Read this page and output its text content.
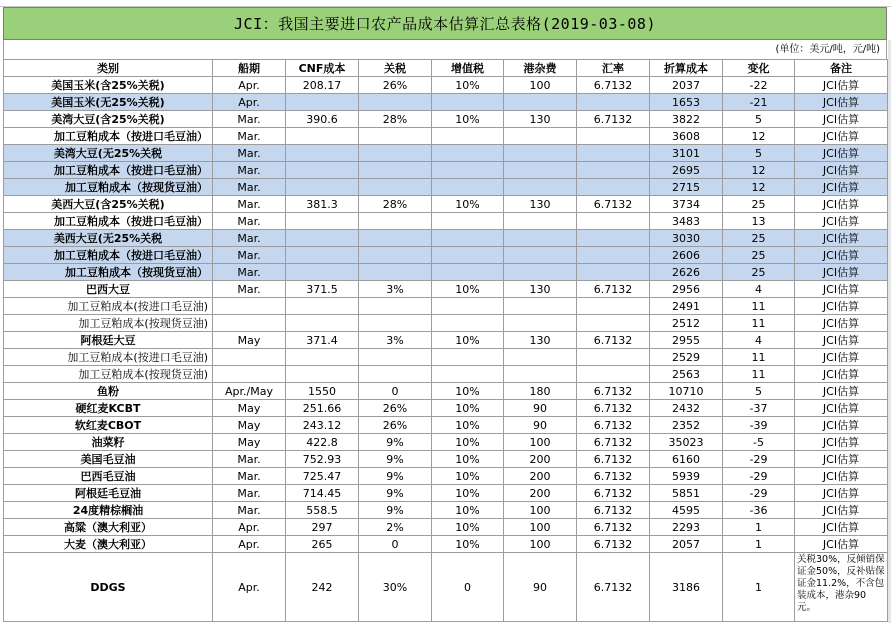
JCI：我国主要进口农产品成本估算汇总表格(2019-03-08)
(单位：美元/吨，元/吨)
类别	船期	CNF成本	关税	增值税	港杂费	汇率	折算成本	变化	备注
美国玉米(含25%关税)	Apr.	208.17	26%	10%	100	6.7132	2037	-22	JCI估算
美国玉米(无25%关税)	Apr.						1653	-21	JCI估算
美湾大豆(含25%关税)	Mar.	390.6	28%	10%	130	6.7132	3822	5	JCI估算
加工豆粕成本（按进口毛豆油）	Mar.						3608	12	JCI估算
美湾大豆(无25%关税	Mar.						3101	5	JCI估算
加工豆粕成本（按进口毛豆油）	Mar.						2695	12	JCI估算
加工豆粕成本（按现货豆油）	Mar.						2715	12	JCI估算
美西大豆(含25%关税)	Mar.	381.3	28%	10%	130	6.7132	3734	25	JCI估算
加工豆粕成本（按进口毛豆油）	Mar.						3483	13	JCI估算
美西大豆(无25%关税	Mar.						3030	25	JCI估算
加工豆粕成本（按进口毛豆油）	Mar.						2606	25	JCI估算
加工豆粕成本（按现货豆油）	Mar.						2626	25	JCI估算
巴西大豆	Mar.	371.5	3%	10%	130	6.7132	2956	4	JCI估算
加工豆粕成本(按进口毛豆油)							2491	11	JCI估算
加工豆粕成本(按现货豆油)							2512	11	JCI估算
阿根廷大豆	May	371.4	3%	10%	130	6.7132	2955	4	JCI估算
加工豆粕成本(按进口毛豆油)							2529	11	JCI估算
加工豆粕成本(按现货豆油)							2563	11	JCI估算
鱼粉	Apr./May	1550	0	10%	180	6.7132	10710	5	JCI估算
硬红麦KCBT	May	251.66	26%	10%	90	6.7132	2432	-37	JCI估算
软红麦CBOT	May	243.12	26%	10%	90	6.7132	2352	-39	JCI估算
油菜籽	May	422.8	9%	10%	100	6.7132	35023	-5	JCI估算
美国毛豆油	Mar.	752.93	9%	10%	200	6.7132	6160	-29	JCI估算
巴西毛豆油	Mar.	725.47	9%	10%	200	6.7132	5939	-29	JCI估算
阿根廷毛豆油	Mar.	714.45	9%	10%	200	6.7132	5851	-29	JCI估算
24度精棕榈油	Mar.	558.5	9%	10%	100	6.7132	4595	-36	JCI估算
高粱（澳大利亚）	Apr.	297	2%	10%	100	6.7132	2293	1	JCI估算
大麦（澳大利亚）	Apr.	265	0	10%	100	6.7132	2057	1	JCI估算
DDGS	Apr.	242	30%	0	90	6.7132	3186	1	关税30%，反倾销保证金50%，反补贴保证金11.2%，不含包装成本，港杂90元。
